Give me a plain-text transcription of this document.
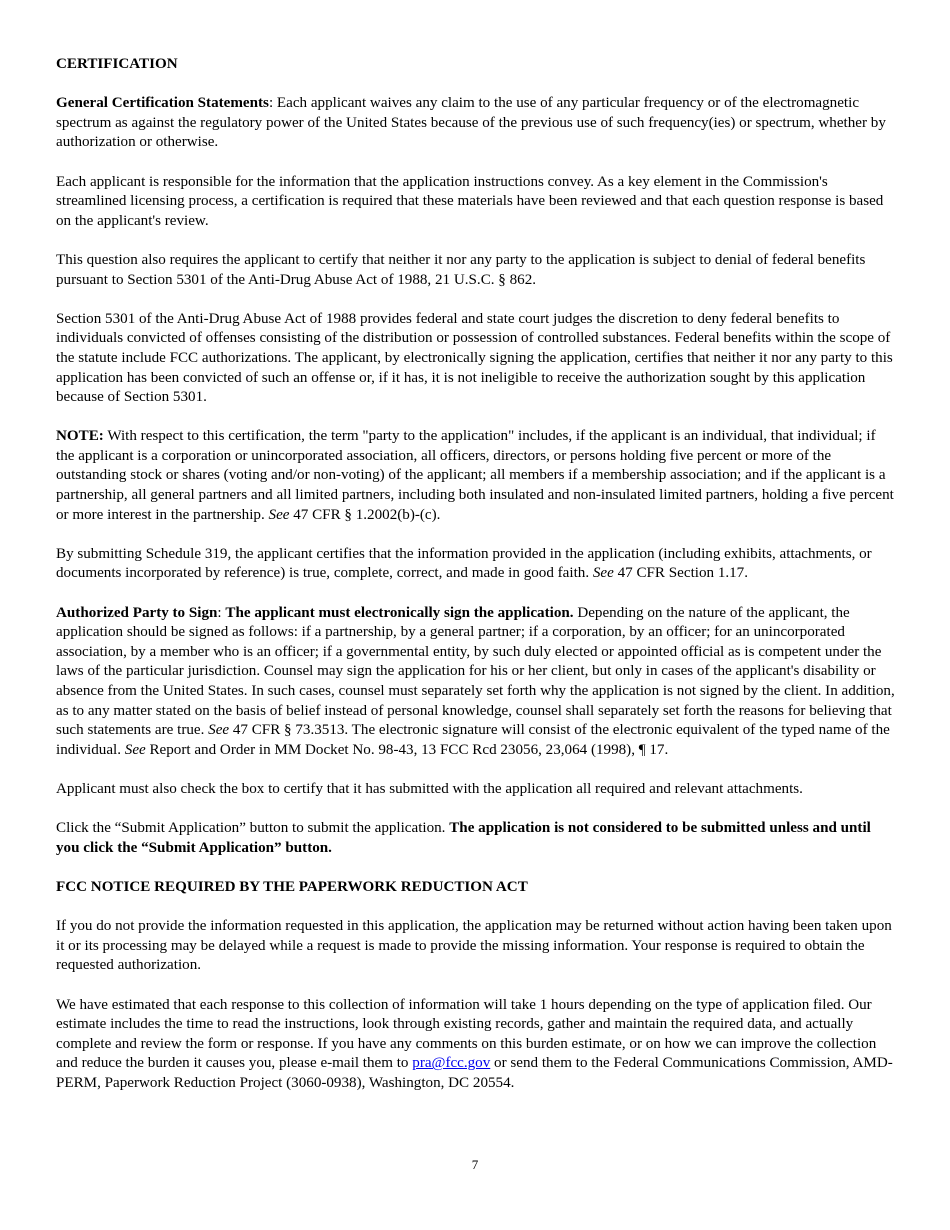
CERTIFICATION

General Certification Statements: Each applicant waives any claim to the use of any particular frequency or of the electromagnetic spectrum as against the regulatory power of the United States because of the previous use of such frequency(ies) or spectrum, whether by authorization or otherwise.

Each applicant is responsible for the information that the application instructions convey. As a key element in the Commission's streamlined licensing process, a certification is required that these materials have been reviewed and that each question response is based on the applicant's review.

This question also requires the applicant to certify that neither it nor any party to the application is subject to denial of federal benefits pursuant to Section 5301 of the Anti-Drug Abuse Act of 1988, 21 U.S.C. § 862.

Section 5301 of the Anti-Drug Abuse Act of 1988 provides federal and state court judges the discretion to deny federal benefits to individuals convicted of offenses consisting of the distribution or possession of controlled substances. Federal benefits within the scope of the statute include FCC authorizations. The applicant, by electronically signing the application, certifies that neither it nor any party to this application has been convicted of such an offense or, if it has, it is not ineligible to receive the authorization sought by this application because of Section 5301.

NOTE: With respect to this certification, the term "party to the application" includes, if the applicant is an individual, that individual; if the applicant is a corporation or unincorporated association, all officers, directors, or persons holding five percent or more of the outstanding stock or shares (voting and/or non-voting) of the applicant; all members if a membership association; and if the applicant is a partnership, all general partners and all limited partners, including both insulated and non-insulated limited partners, holding a five percent or more interest in the partnership. See 47 CFR § 1.2002(b)-(c).

By submitting Schedule 319, the applicant certifies that the information provided in the application (including exhibits, attachments, or documents incorporated by reference) is true, complete, correct, and made in good faith. See 47 CFR Section 1.17.

Authorized Party to Sign: The applicant must electronically sign the application. Depending on the nature of the applicant, the application should be signed as follows: if a partnership, by a general partner; if a corporation, by an officer; for an unincorporated association, by a member who is an officer; if a governmental entity, by such duly elected or appointed official as is competent under the laws of the particular jurisdiction. Counsel may sign the application for his or her client, but only in cases of the applicant's disability or absence from the United States. In such cases, counsel must separately set forth why the application is not signed by the client. In addition, as to any matter stated on the basis of belief instead of personal knowledge, counsel shall separately set forth the reasons for believing that such statements are true. See 47 CFR § 73.3513. The electronic signature will consist of the electronic equivalent of the typed name of the individual. See Report and Order in MM Docket No. 98-43, 13 FCC Rcd 23056, 23,064 (1998), ¶ 17.

Applicant must also check the box to certify that it has submitted with the application all required and relevant attachments.

Click the “Submit Application” button to submit the application. The application is not considered to be submitted unless and until you click the “Submit Application” button.

FCC NOTICE REQUIRED BY THE PAPERWORK REDUCTION ACT

If you do not provide the information requested in this application, the application may be returned without action having been taken upon it or its processing may be delayed while a request is made to provide the missing information. Your response is required to obtain the requested authorization.

We have estimated that each response to this collection of information will take 1 hours depending on the type of application filed. Our estimate includes the time to read the instructions, look through existing records, gather and maintain the required data, and actually complete and review the form or response. If you have any comments on this burden estimate, or on how we can improve the collection and reduce the burden it causes you, please e-mail them to pra@fcc.gov or send them to the Federal Communications Commission, AMD-PERM, Paperwork Reduction Project (3060-0938), Washington, DC 20554.

7
